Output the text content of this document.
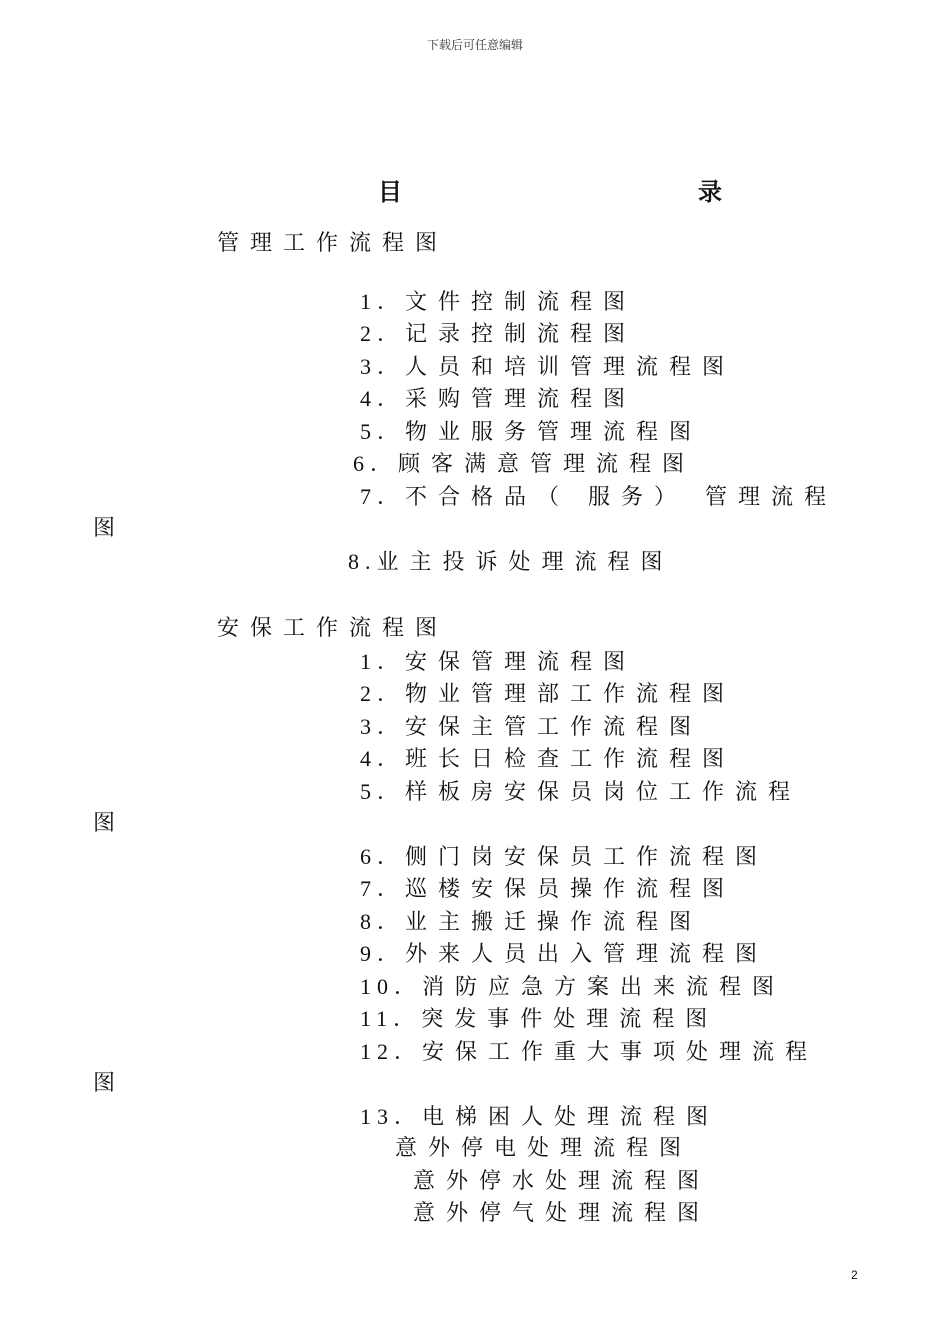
下载后可任意编辑
目	录
管理工作流程图
1．文件控制流程图
2．记录控制流程图
3．人员和培训管理流程图
4．采购管理流程图
5．物业服务管理流程图
6．顾客满意管理流程图
7．不合格品（ 服务） 管理流程
图
8.业主投诉处理流程图
安保工作流程图
1．安保管理流程图
2．物业管理部工作流程图
3．安保主管工作流程图
4．班长日检查工作流程图
5．样板房安保员岗位工作流程
图
6．侧门岗安保员工作流程图
7．巡楼安保员操作流程图
8．业主搬迁操作流程图
9．外来人员出入管理流程图
10．消防应急方案出来流程图
11．突发事件处理流程图
12．安保工作重大事项处理流程
图
13．电梯困人处理流程图
意外停电处理流程图
意外停水处理流程图
意外停气处理流程图
2
